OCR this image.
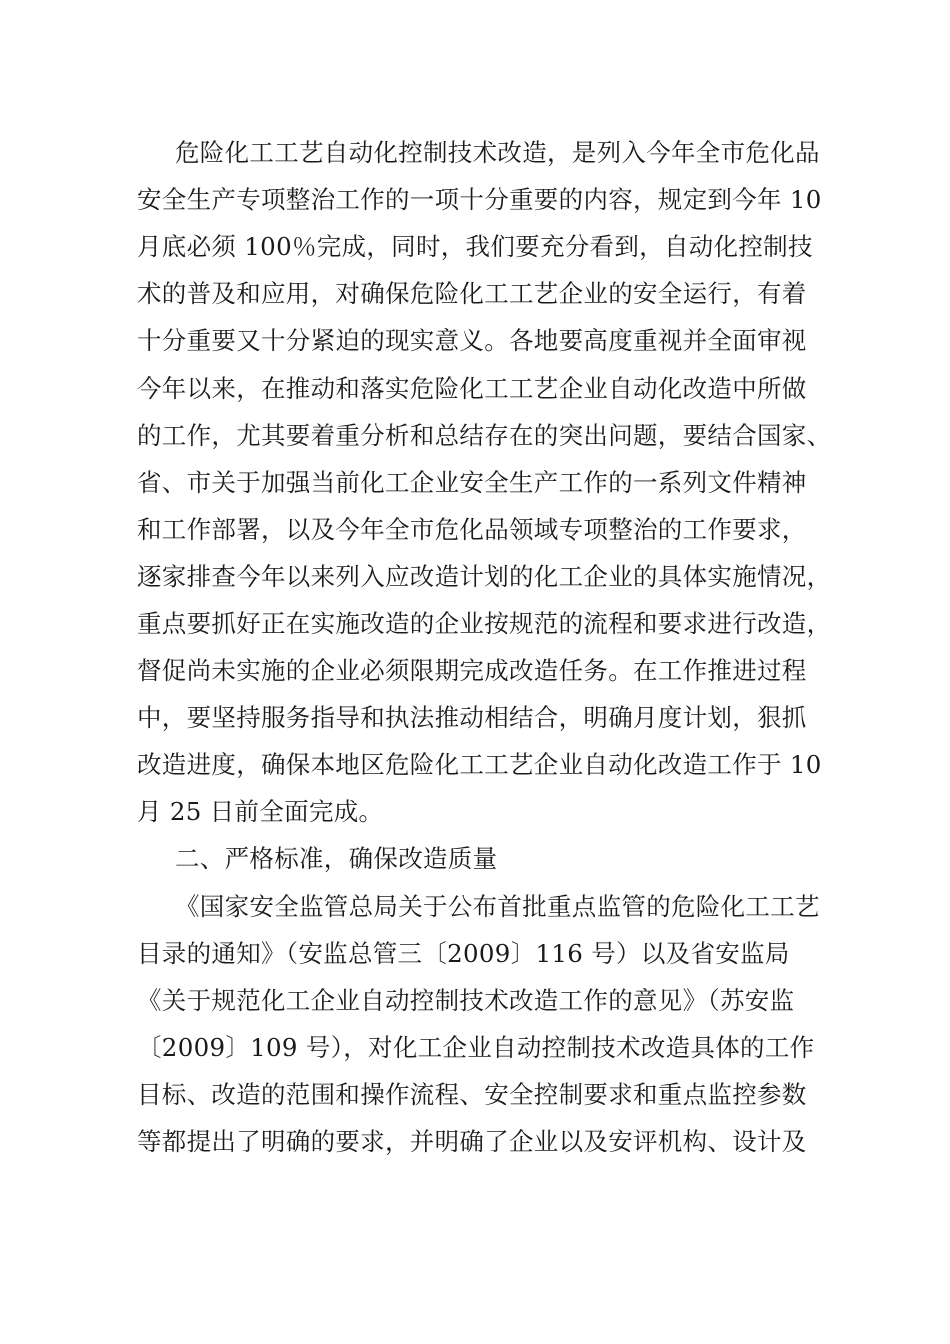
危险化工工艺自动化控制技术改造，是列入今年全市危化品
安全生产专项整治工作的一项十分重要的内容，规定到今年 10
月底必须 100％完成，同时，我们要充分看到，自动化控制技
术的普及和应用，对确保危险化工工艺企业的安全运行，有着
十分重要又十分紧迫的现实意义。各地要高度重视并全面审视
今年以来，在推动和落实危险化工工艺企业自动化改造中所做
的工作，尤其要着重分析和总结存在的突出问题，要结合国家、
省、市关于加强当前化工企业安全生产工作的一系列文件精神
和工作部署，以及今年全市危化品领域专项整治的工作要求，
逐家排查今年以来列入应改造计划的化工企业的具体实施情况，
重点要抓好正在实施改造的企业按规范的流程和要求进行改造，
督促尚未实施的企业必须限期完成改造任务。在工作推进过程
中，要坚持服务指导和执法推动相结合，明确月度计划，狠抓
改造进度，确保本地区危险化工工艺企业自动化改造工作于 10
月 25 日前全面完成。
二、严格标准，确保改造质量
《国家安全监管总局关于公布首批重点监管的危险化工工艺
目录的通知》（安监总管三〔2009〕116 号）以及省安监局
《关于规范化工企业自动控制技术改造工作的意见》（苏安监
〔2009〕109 号），对化工企业自动控制技术改造具体的工作
目标、改造的范围和操作流程、安全控制要求和重点监控参数
等都提出了明确的要求，并明确了企业以及安评机构、设计及
